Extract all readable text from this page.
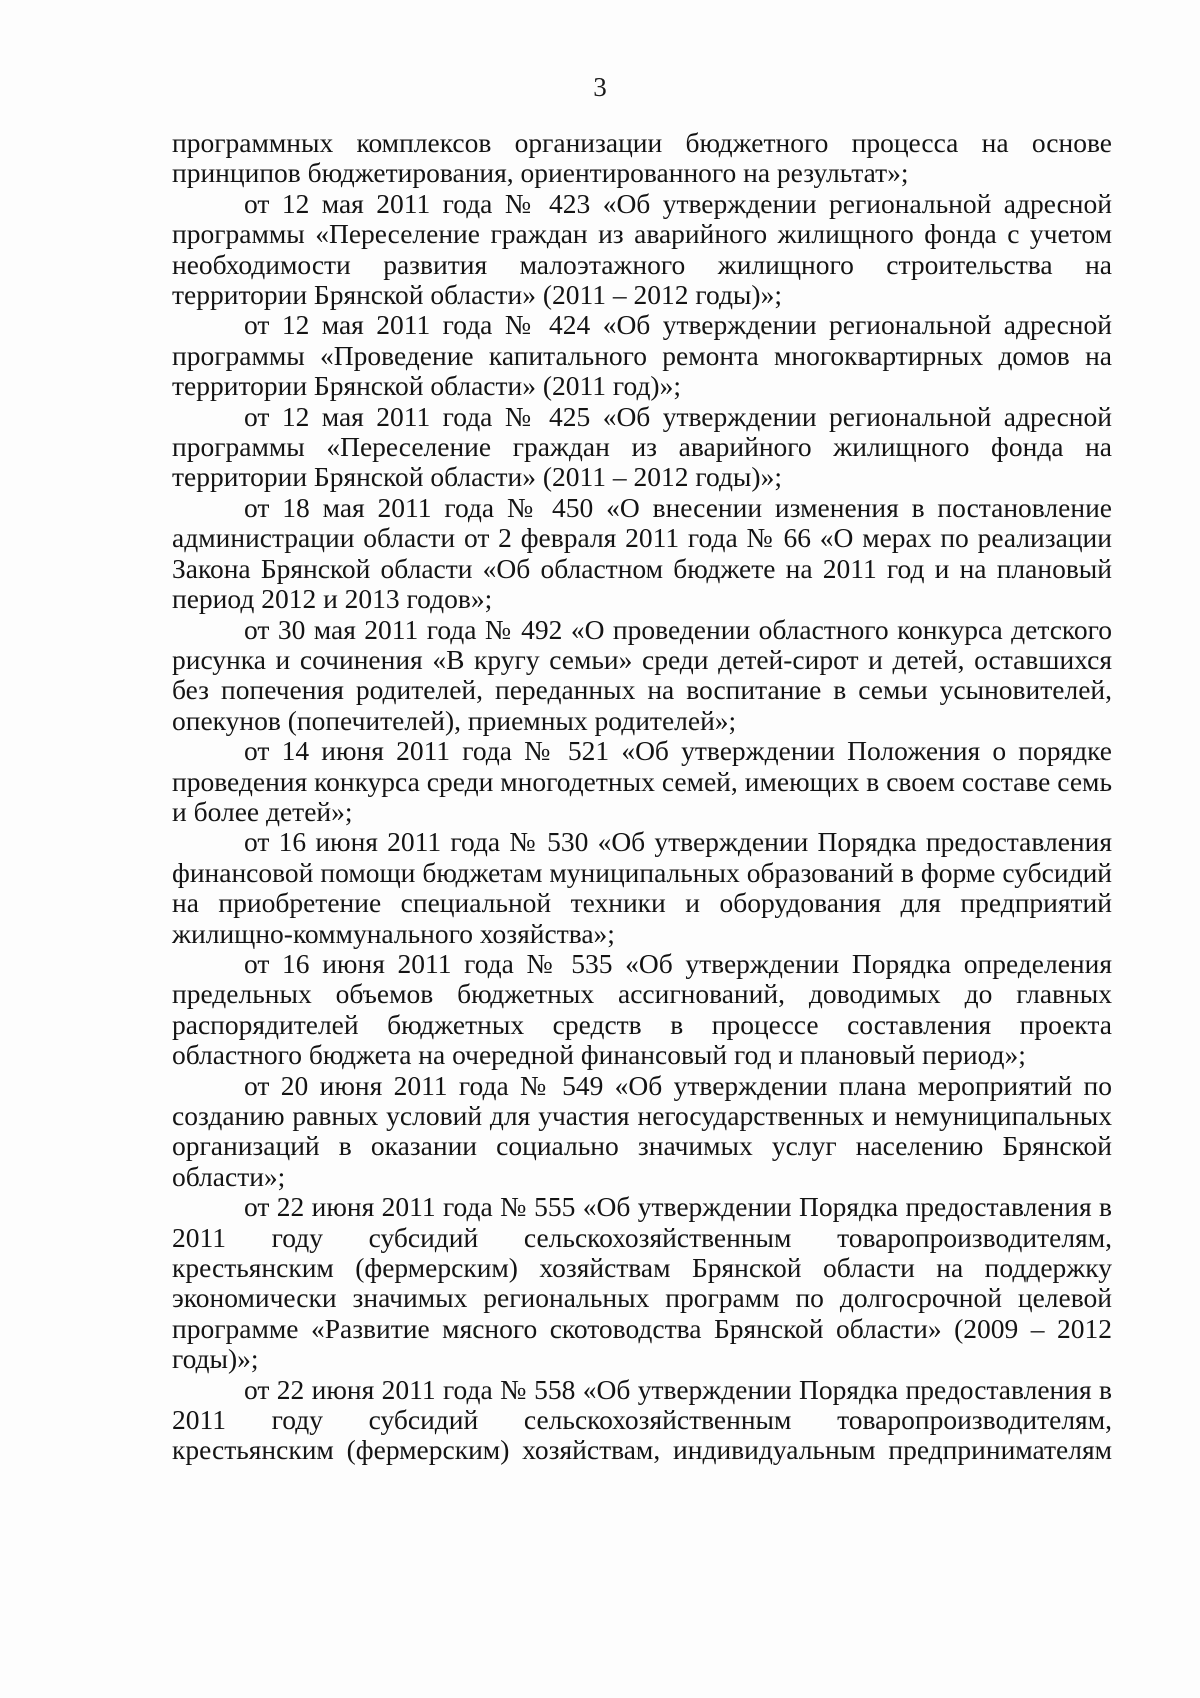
3

программных комплексов организации бюджетного процесса на основе принципов бюджетирования, ориентированного на результат»;

от 12 мая 2011 года № 423 «Об утверждении региональной адресной программы «Переселение граждан из аварийного жилищного фонда с учетом необходимости развития малоэтажного жилищного строительства на территории Брянской области» (2011 – 2012 годы)»;

от 12 мая 2011 года № 424 «Об утверждении региональной адресной программы «Проведение капитального ремонта многоквартирных домов на территории Брянской области» (2011 год)»;

от 12 мая 2011 года № 425 «Об утверждении региональной адресной программы «Переселение граждан из аварийного жилищного фонда на территории Брянской области» (2011 – 2012 годы)»;

от 18 мая 2011 года № 450 «О внесении изменения в постановление администрации области от 2 февраля 2011 года № 66 «О мерах по реализации Закона Брянской области «Об областном бюджете на 2011 год и на плановый период 2012 и 2013 годов»;

от 30 мая 2011 года № 492 «О проведении областного конкурса детского рисунка и сочинения «В кругу семьи» среди детей-сирот и детей, оставшихся без попечения родителей, переданных на воспитание в семьи усыновителей, опекунов (попечителей), приемных родителей»;

от 14 июня 2011 года № 521 «Об утверждении Положения о порядке проведения конкурса среди многодетных семей, имеющих в своем составе семь и более детей»;

от 16 июня 2011 года № 530 «Об утверждении Порядка предоставления финансовой помощи бюджетам муниципальных образований в форме субсидий на приобретение специальной техники и оборудования для предприятий жилищно-коммунального хозяйства»;

от 16 июня 2011 года № 535 «Об утверждении Порядка определения предельных объемов бюджетных ассигнований, доводимых до главных распорядителей бюджетных средств в процессе составления проекта областного бюджета на очередной финансовый год и плановый период»;

от 20 июня 2011 года № 549 «Об утверждении плана мероприятий по созданию равных условий для участия негосударственных и немуниципальных организаций в оказании социально значимых услуг населению Брянской области»;

от 22 июня 2011 года № 555 «Об утверждении Порядка предоставления в 2011 году субсидий сельскохозяйственным товаропроизводителям, крестьянским (фермерским) хозяйствам Брянской области на поддержку экономически значимых региональных программ по долгосрочной целевой программе «Развитие мясного скотоводства Брянской области» (2009 – 2012 годы)»;

от 22 июня 2011 года № 558 «Об утверждении Порядка предоставления в 2011 году субсидий сельскохозяйственным товаропроизводителям, крестьянским (фермерским) хозяйствам, индивидуальным предпринимателям
